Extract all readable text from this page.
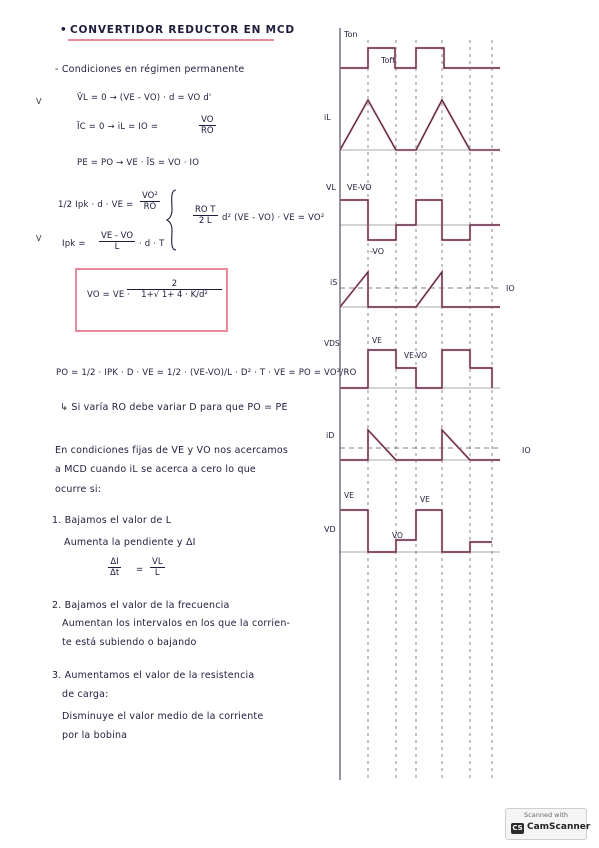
• CONVERTIDOR REDUCTOR EN MCD
- Condiciones en régimen permanente
V	V̄L = 0 → (VE - VO) · d = VO d'
ĪC = 0 → iL = IO =	$\frac{VO}{RO}$
PE = PO → VE · ĪS = VO · IO
1/2 Ipk · d · VE = $\frac{\text{VO²}}{RO}$
$\frac{\text{RO T}}{2 L} d^2$ (VE - VO) · VE = VO²
V
Ipk = $\frac{VE - VO}{L} \cdot d \cdot T$
VO = VE ·
$\frac{2}{\text{1+√ 1+ 4 · K/d²}}$
PO = 1/2 · IPK · D · VE = 1/2 · (VE-VO)/L · D² · T · VE = PO = VO²/RO
↳ Si varía RO debe variar D para que PO = PE
En condiciones fijas de VE y VO nos acercamos
a MCD cuando iL se acerca a cero lo que
ocurre si:
1. Bajamos el valor de L
Aumenta la pendiente y ΔI
$\frac{\Delta I}{\Delta t} = \frac{VL}{L}$
2. Bajamos el valor de la frecuencia
Aumentan los intervalos en los que la corrien-
te está subiendo o bajando
3. Aumentamos el valor de la resistencia
de carga:
Disminuye el valor medio de la corriente
por la bobina
Ton
Toff
iL
VL VE-VO
-VO
iS
IO
VDS	VE
VE-VO
iD
IO
VD
VE	VE
VO
Scanned with
CS CamScanner
